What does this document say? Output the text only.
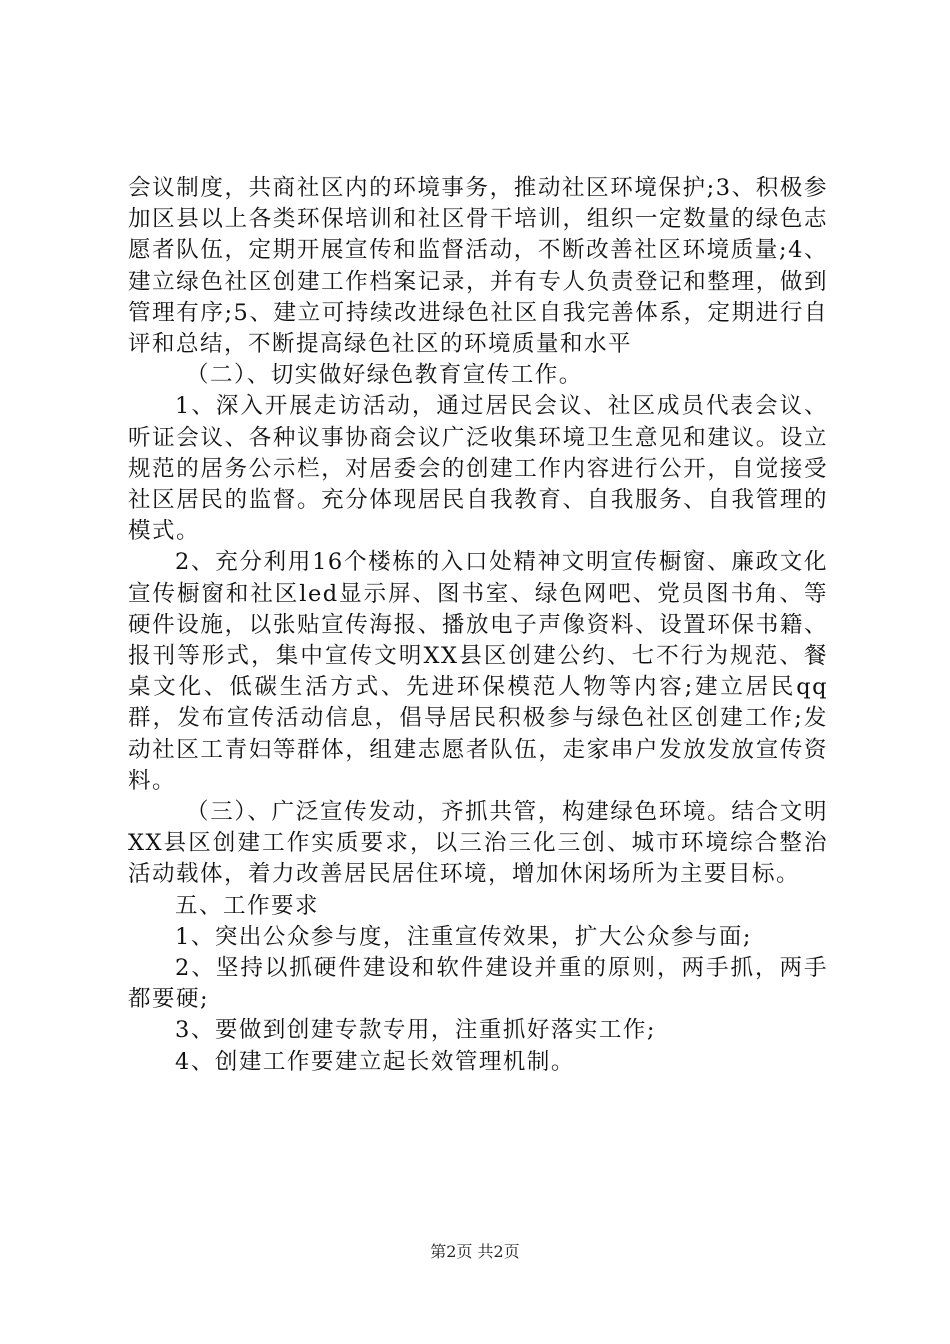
会议制度，共商社区内的环境事务，推动社区环境保护;3、积极参加区县以上各类环保培训和社区骨干培训，组织一定数量的绿色志愿者队伍，定期开展宣传和监督活动，不断改善社区环境质量;4、建立绿色社区创建工作档案记录，并有专人负责登记和整理，做到管理有序;5、建立可持续改进绿色社区自我完善体系，定期进行自评和总结，不断提高绿色社区的环境质量和水平

（二）、切实做好绿色教育宣传工作。

1、深入开展走访活动，通过居民会议、社区成员代表会议、听证会议、各种议事协商会议广泛收集环境卫生意见和建议。设立规范的居务公示栏，对居委会的创建工作内容进行公开，自觉接受社区居民的监督。充分体现居民自我教育、自我服务、自我管理的模式。

2、充分利用16个楼栋的入口处精神文明宣传橱窗、廉政文化宣传橱窗和社区led显示屏、图书室、绿色网吧、党员图书角、等硬件设施，以张贴宣传海报、播放电子声像资料、设置环保书籍、报刊等形式，集中宣传文明XX县区创建公约、七不行为规范、餐桌文化、低碳生活方式、先进环保模范人物等内容;建立居民qq群，发布宣传活动信息，倡导居民积极参与绿色社区创建工作;发动社区工青妇等群体，组建志愿者队伍，走家串户发放发放宣传资料。

（三）、广泛宣传发动，齐抓共管，构建绿色环境。结合文明XX县区创建工作实质要求，以三治三化三创、城市环境综合整治活动载体，着力改善居民居住环境，增加休闲场所为主要目标。

五、工作要求

1、突出公众参与度，注重宣传效果，扩大公众参与面;

2、坚持以抓硬件建设和软件建设并重的原则，两手抓，两手都要硬;

3、要做到创建专款专用，注重抓好落实工作;

4、创建工作要建立起长效管理机制。

第2页 共2页
